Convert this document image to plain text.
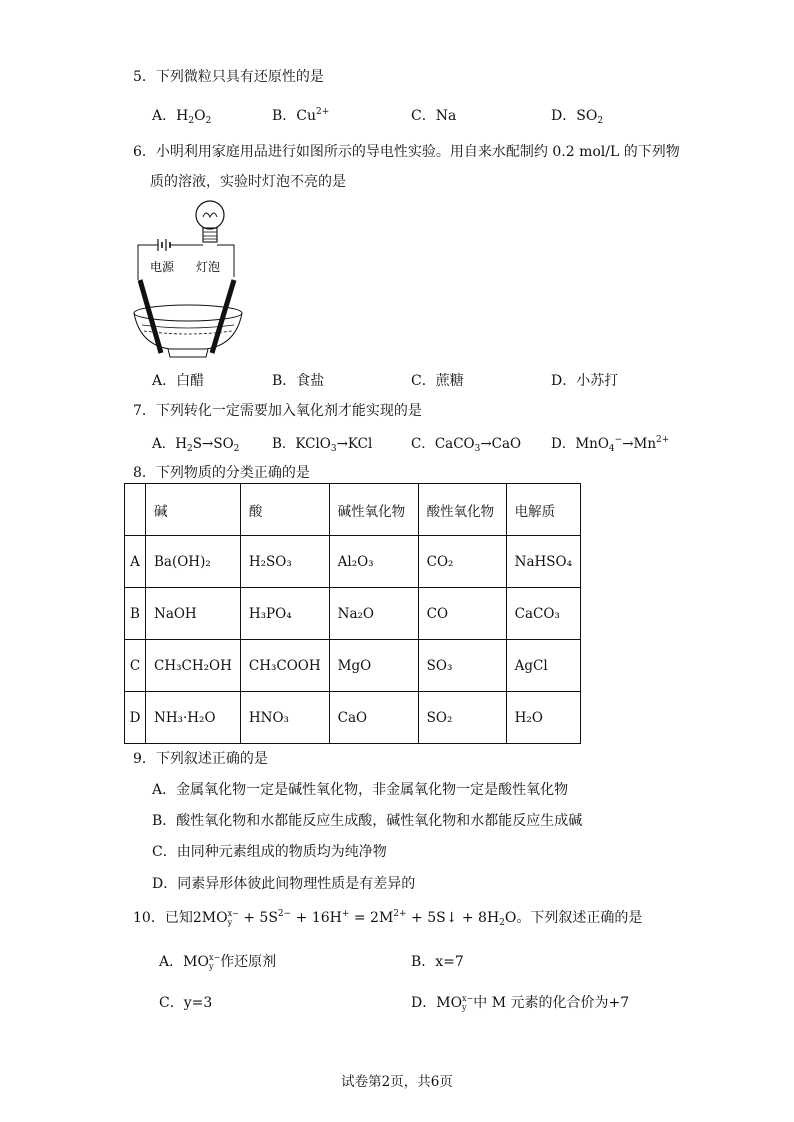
5．下列微粒只具有还原性的是
A．$H_2O_2$	B．$Cu^{2+}$	C．Na	D．$SO_2$
6．小明利用家庭用品进行如图所示的导电性实验。用自来水配制约 0.2 mol/L 的下列物
质的溶液，实验时灯泡不亮的是
电源 灯泡
A．白醋	B．食盐	C．蔗糖	D．小苏打
7．下列转化一定需要加入氧化剂才能实现的是
A．$H_2S\to SO_2$ B．KClO$_3$→KCl	C．CaCO$_3$→CaO D．$MnO_4^-\to Mn^{2+}$
8．下列物质的分类正确的是
	碱	酸	碱性氧化物	酸性氧化物	电解质
A	Ba(OH)₂	H₂SO₃	Al₂O₃	CO₂	NaHSO₄
B	NaOH	H₃PO₄	Na₂O	CO	CaCO₃
C	CH₃CH₂OH	CH₃COOH	MgO	SO₃	AgCl
D	NH₃·H₂O	HNO₃	CaO	SO₂	H₂O
9．下列叙述正确的是
A．金属氧化物一定是碱性氧化物，非金属氧化物一定是酸性氧化物
B．酸性氧化物和水都能反应生成酸，碱性氧化物和水都能反应生成碱
C．由同种元素组成的物质均为纯净物
D．同素异形体彼此间物理性质是有差异的
10．已知2MO x−
$y + 5S^{2-} + 16H^+ = 2M^{2+}$ + 5S↓ + $8H_2O$。下列叙述正确的是
A．MO x−
y 作还原剂	B．x=7
C．y=3	D．MO x−
y 中 M 元素的化合价为+7
试卷第2页，共6页
